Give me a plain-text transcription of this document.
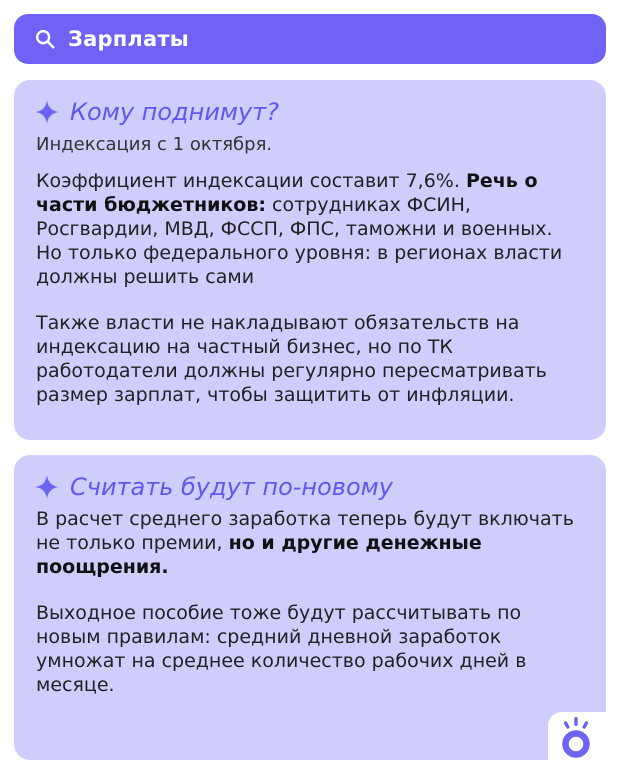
Зарплаты
Кому поднимут?
Индексация с 1 октября.

Коэффициент индексации составит 7,6%. Речь о части бюджетников: сотрудниках ФСИН, Росгвардии, МВД, ФССП, ФПС, таможни и военных. Но только федерального уровня: в регионах власти должны решить сами

Также власти не накладывают обязательств на индексацию на частный бизнес, но по ТК работодатели должны регулярно пересматривать размер зарплат, чтобы защитить от инфляции.

Считать будут по-новому

В расчет среднего заработка теперь будут включать не только премии, но и другие денежные поощрения.

Выходное пособие тоже будут рассчитывать по новым правилам: средний дневной заработок умножат на среднее количество рабочих дней в месяце.
